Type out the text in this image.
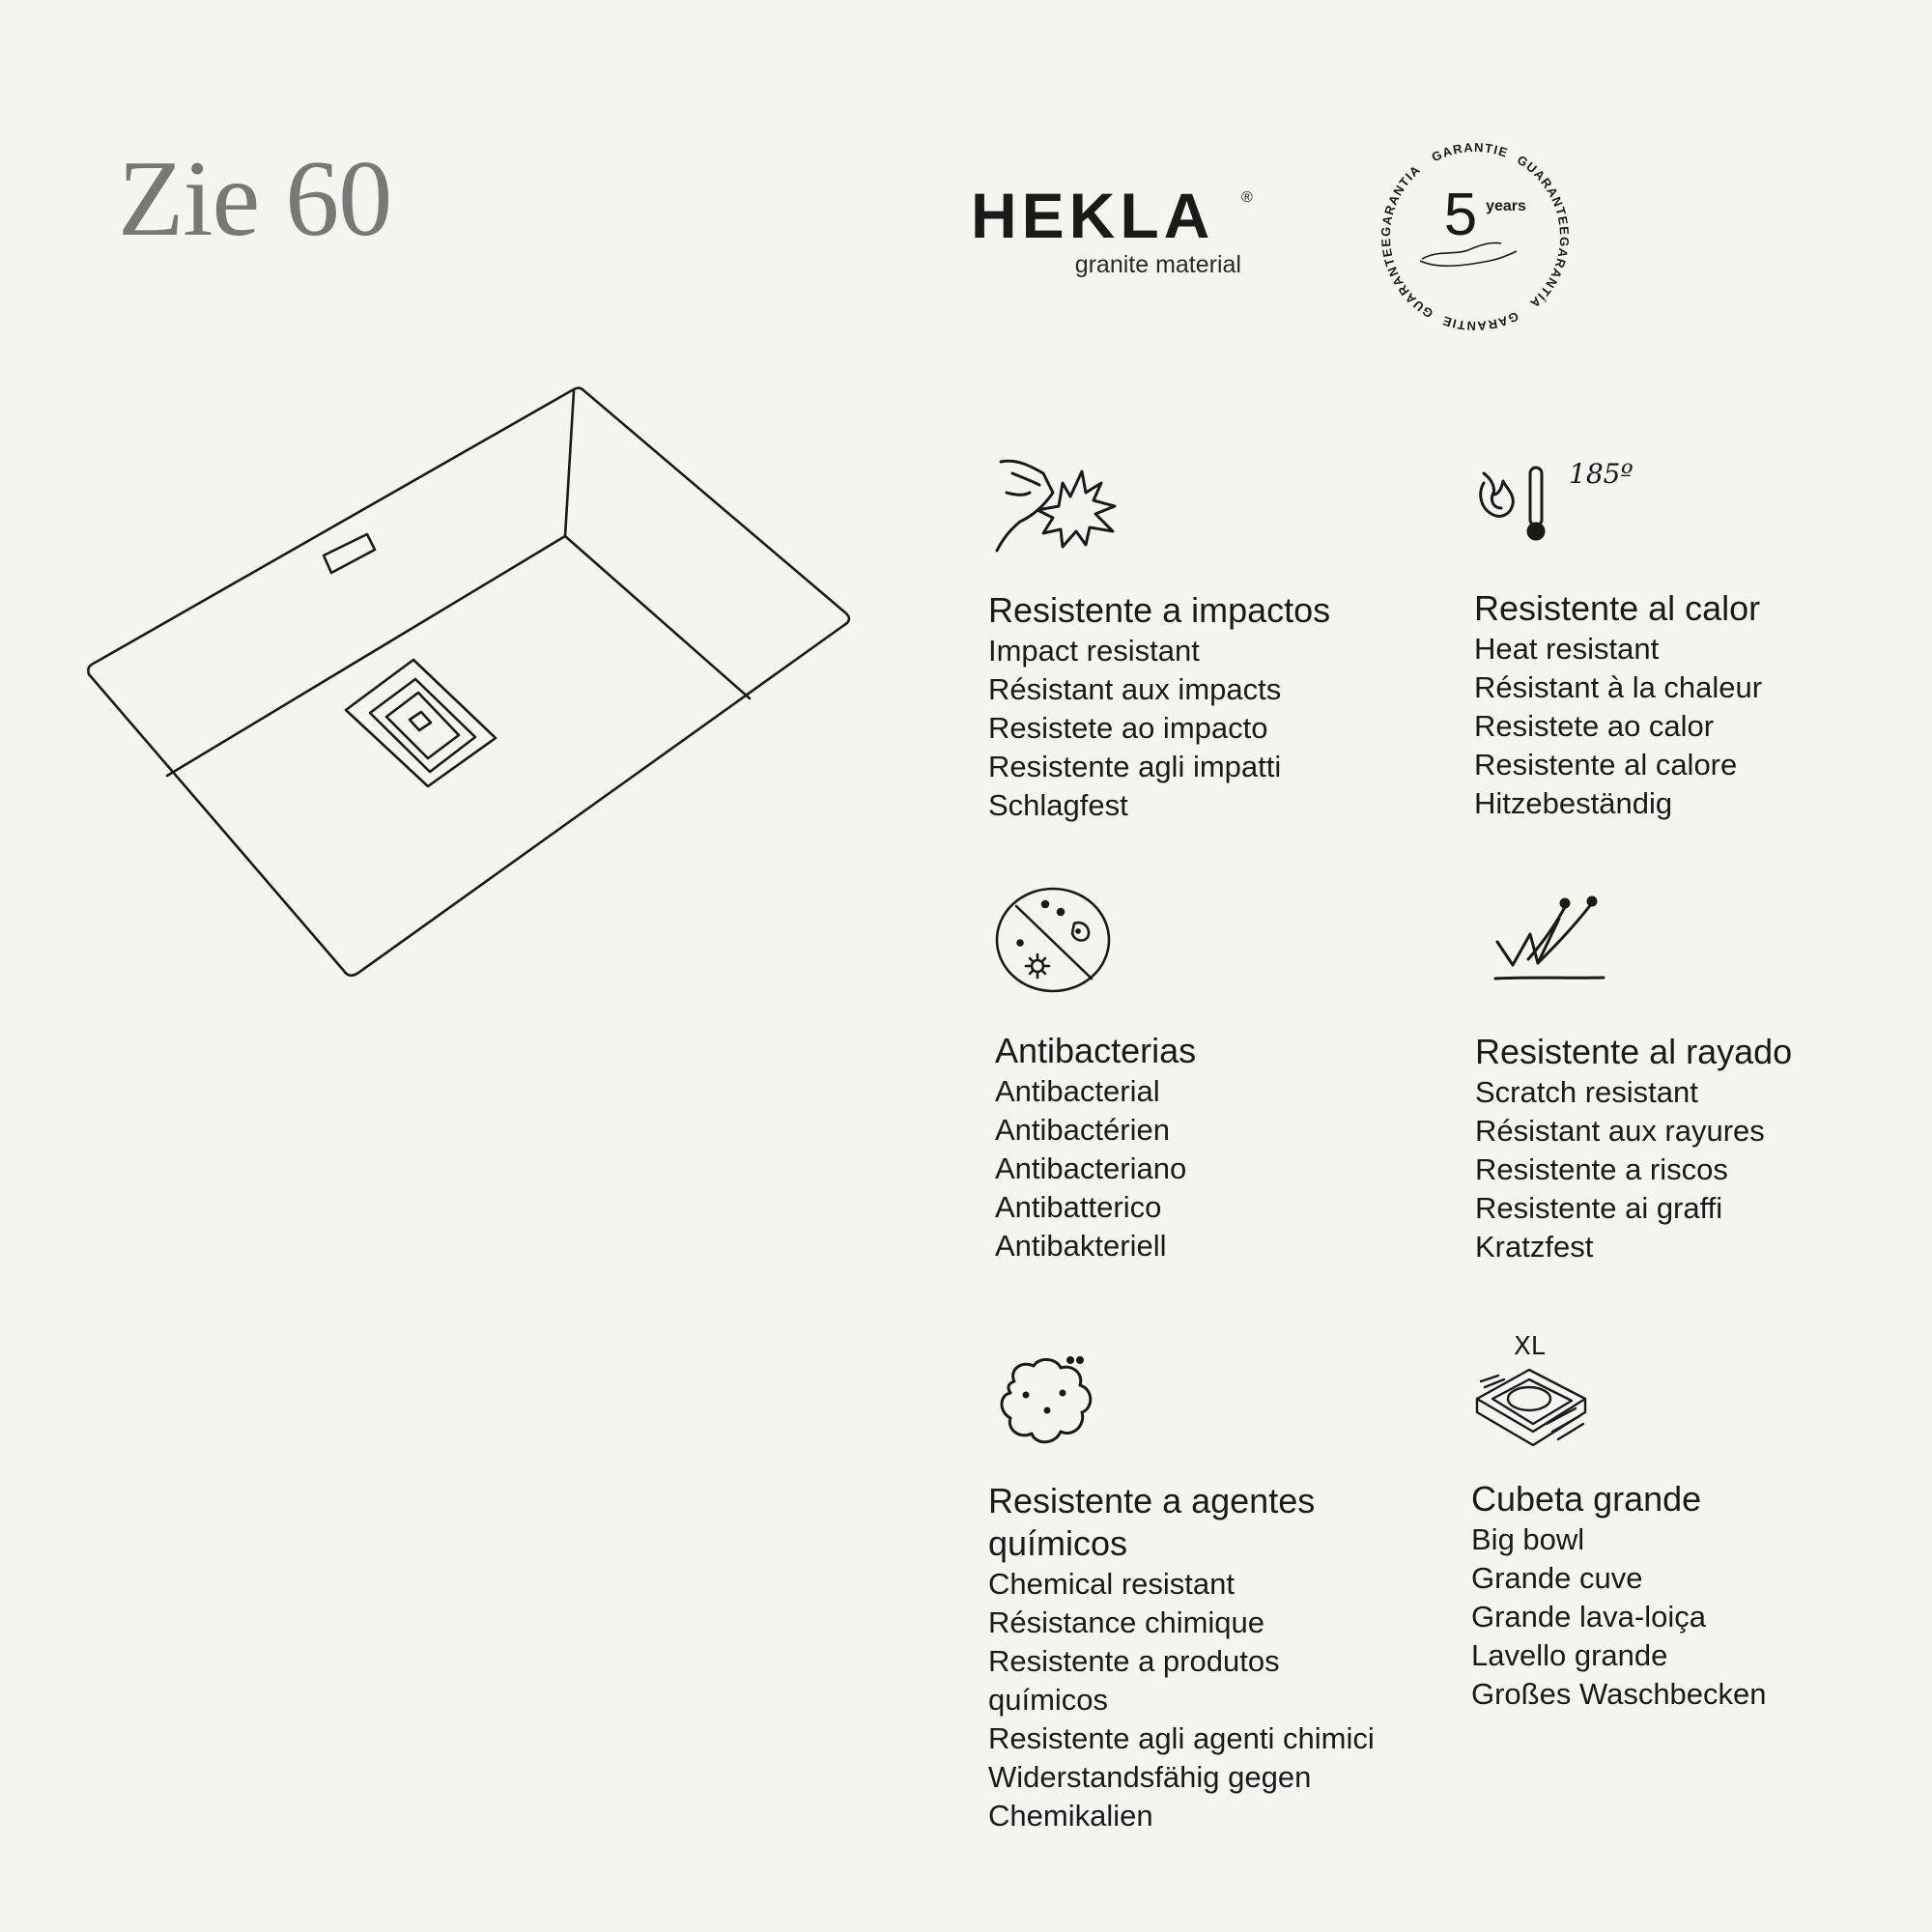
Zie 60	HEKLA	®
granite material
GARANTIA
GARANTIE
GUARANTEE
GARANTÍA
GARANTIE
GUARANTEE 5 years
Resistente a impactos
Impact resistant
Résistant aux impacts
Resistete ao impacto
Resistente agli impatti
Schlagfest
185º
Resistente al calor
Heat resistant
Résistant à la chaleur
Resistete ao calor
Resistente al calore
Hitzebeständig
Antibacterias
Antibacterial
Antibactérien
Antibacteriano
Antibatterico
Antibakteriell
Resistente al rayado
Scratch resistant
Résistant aux rayures
Resistente a riscos
Resistente ai graffi
Kratzfest
Resistente a agentes
químicos
Chemical resistant
Résistance chimique
Resistente a produtos
químicos
Resistente agli agenti chimici
Widerstandsfähig gegen
Chemikalien
XL
Cubeta grande
Big bowl
Grande cuve
Grande lava-loiça
Lavello grande
Großes Waschbecken
